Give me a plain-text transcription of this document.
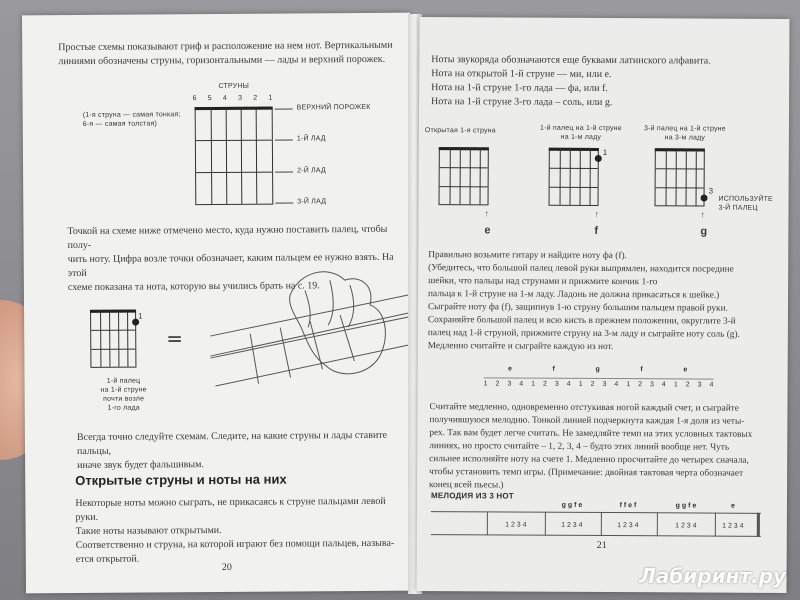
Простые схемы показывают гриф и расположение на нем нот. Вертикальными
линиями обозначены струны, горизонтальными — лады и верхний порожек.
СТРУНЫ
6 5 4 3 2 1
(1-я струна — самая тонкая;
6-я — самая толстая)
ВЕРХНИЙ ПОРОЖЕК
1-Й ЛАД
2-Й ЛАД
3-Й ЛАД
Точкой на схеме ниже отмечено место, куда нужно поставить палец, чтобы полу-
чить ноту. Цифра возле точки обозначает, каким пальцем ее нужно взять. На этой
схеме показана та нота, которую вы учились брать на с. 19.
1
=
1-й палец
на 1-й струне
почти возле
1-го лада
Всегда точно следуйте схемам. Следите, на какие струны и лады ставите пальцы,
иначе звук будет фальшивым.
Открытые струны и ноты на них
Некоторые ноты можно сыграть, не прикасаясь к струне пальцами левой руки.
Такие ноты называют открытыми.
Соответственно и струна, на которой играют без помощи пальцев, называ-
ется открытой.
20
Ноты звукоряда обозначаются еще буквами латинского алфавита.
Нота на открытой 1-й струне — ми, или e.
Нота на 1-й струне 1-го лада — фа, или f.
Нота на 1-й струне 3-го лада – соль, или g.
Открытая 1-я струна
↑
e
1-й палец на 1-й струне
на 1-м ладу
1
↑
f
3-й палец на 1-й струне
на 3-м ладу
3
↑
g
ИСПОЛЬЗУЙТЕ
3-Й ПАЛЕЦ
Правильно возьмите гитару и найдите ноту фа (f).
(Убедитесь, что большой палец левой руки выпрямлен, находится посредине
шейки, что пальцы над струнами и прижмите кончик 1-го
пальца к 1-й струне на 1-м ладу. Ладонь не должна прикасаться к шейке.)
Сыграйте ноту фа (f), защипнув 1-ю струну большим пальцем правой руки.
Сохраняйте большой палец и всю кисть в прежнем положении, округлите 3-й
палец над 1-й струной, прижмите струну на 3-м ладу и сыграйте ноту соль (g).
Медленно считайте и сыграйте каждую из нот.
e	f	g	f	e
1 2 3 4 1 2 3 4 1 2 3 4 1 2 3 4 1 2 3 4
Считайте медленно, одновременно отстукивая ногой каждый счет, и сыграйте
получившуюся мелодию. Тонкой линией подчеркнута каждая 1-я доля из четы-
рех. Так вам будет легче считать. Не замедляйте темп на этих условных тактовых
линиях, но просто считайте – 1, 2, 3, 4 – будто этих линий вообще нет. Чуть
сильнее исполняйте ноту на счете 1. Медленно просчитайте до четырех сначала,
чтобы установить темп игры. (Примечание: двойная тактовая черта обозначает
конец всей пьесы.)
МЕЛОДИЯ ИЗ 3 НОТ
1 2 3 4
g g f e
1 2 3 4
f f e f
1 2 3 4
g g f e
1 2 3 4
e
1 2 3 4
21
Лабиринт.ру
